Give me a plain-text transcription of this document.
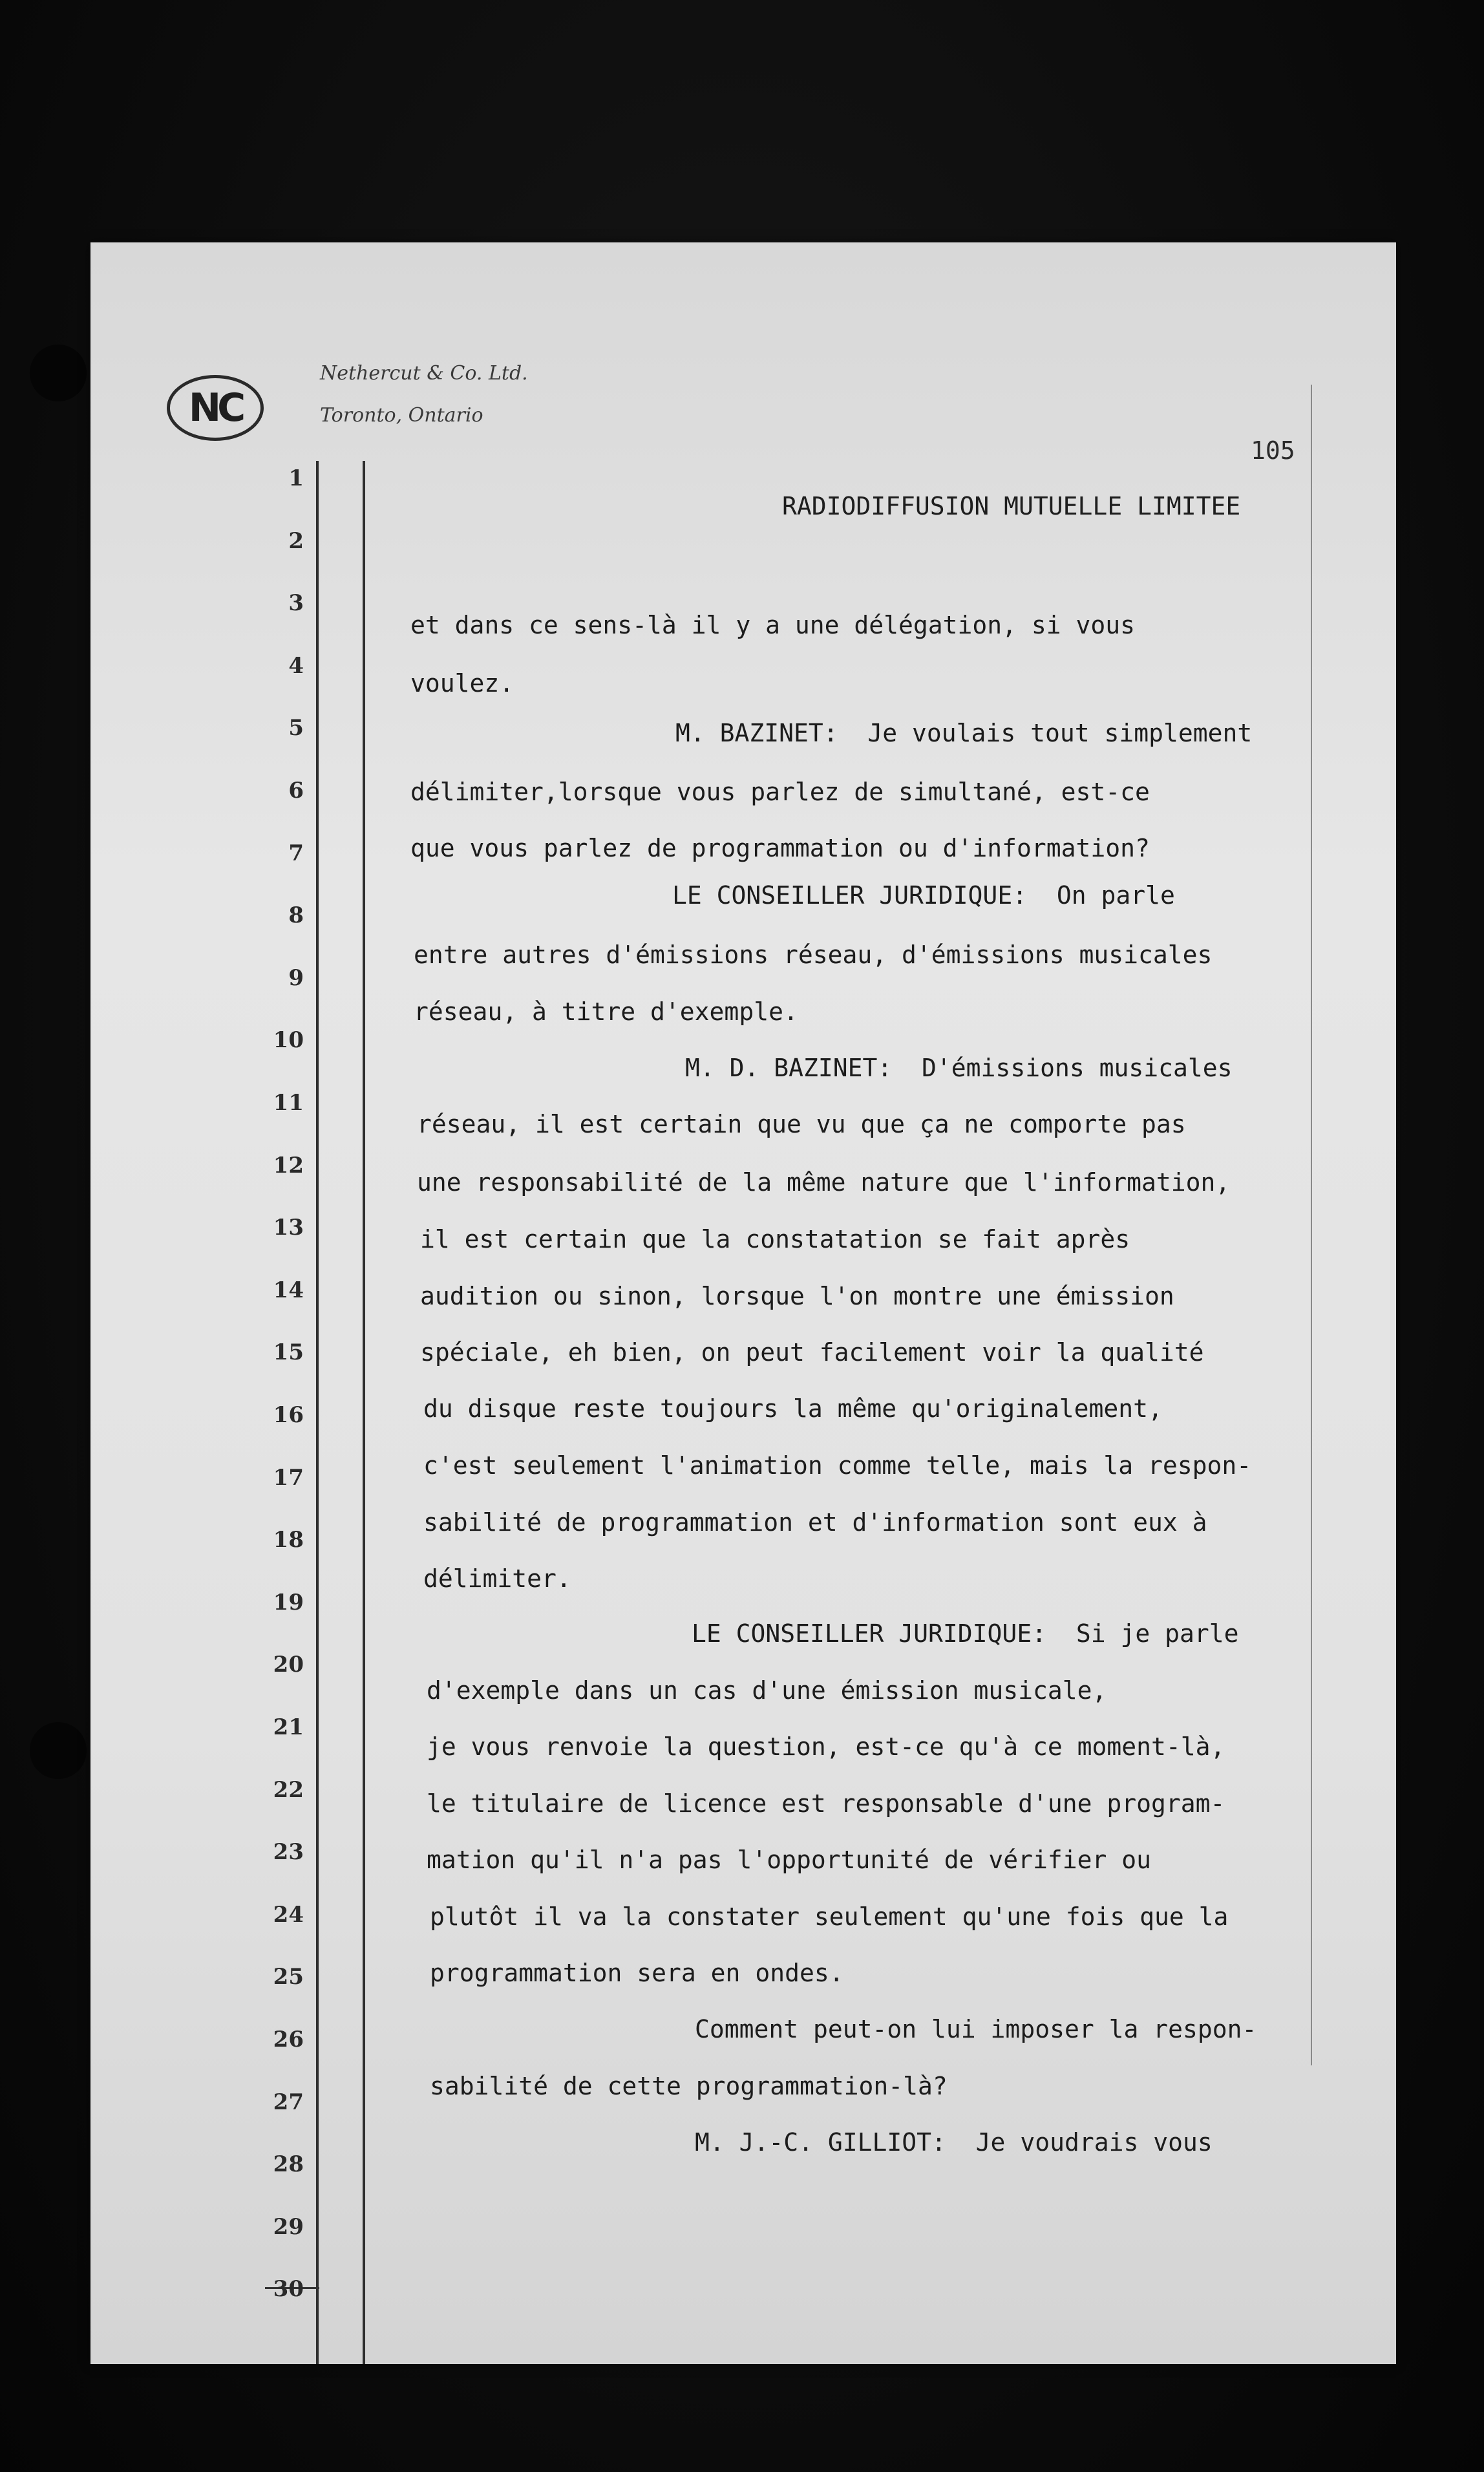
NC
Nethercut & Co. Ltd.
Toronto, Ontario
105
RADIODIFFUSION MUTUELLE LIMITEE
1
2
3
4
5
6
7
8
9
10
11
12
13
14
15
16
17
18
19
20
21
22
23
24
25
26
27
28
29
30
et dans ce sens-là il y a une délégation, si vous
voulez.
M. BAZINET:  Je voulais tout simplement
délimiter,lorsque vous parlez de simultané, est-ce
que vous parlez de programmation ou d'information?
LE CONSEILLER JURIDIQUE:  On parle
entre autres d'émissions réseau, d'émissions musicales
réseau, à titre d'exemple.
M. D. BAZINET:  D'émissions musicales
réseau, il est certain que vu que ça ne comporte pas
une responsabilité de la même nature que l'information,
il est certain que la constatation se fait après
audition ou sinon, lorsque l'on montre une émission
spéciale, eh bien, on peut facilement voir la qualité
du disque reste toujours la même qu'originalement,
c'est seulement l'animation comme telle, mais la respon-
sabilité de programmation et d'information sont eux à
délimiter.
LE CONSEILLER JURIDIQUE:  Si je parle
d'exemple dans un cas d'une émission musicale,
je vous renvoie la question, est-ce qu'à ce moment-là,
le titulaire de licence est responsable d'une program-
mation qu'il n'a pas l'opportunité de vérifier ou
plutôt il va la constater seulement qu'une fois que la
programmation sera en ondes.
Comment peut-on lui imposer la respon-
sabilité de cette programmation-là?
M. J.-C. GILLIOT:  Je voudrais vous
